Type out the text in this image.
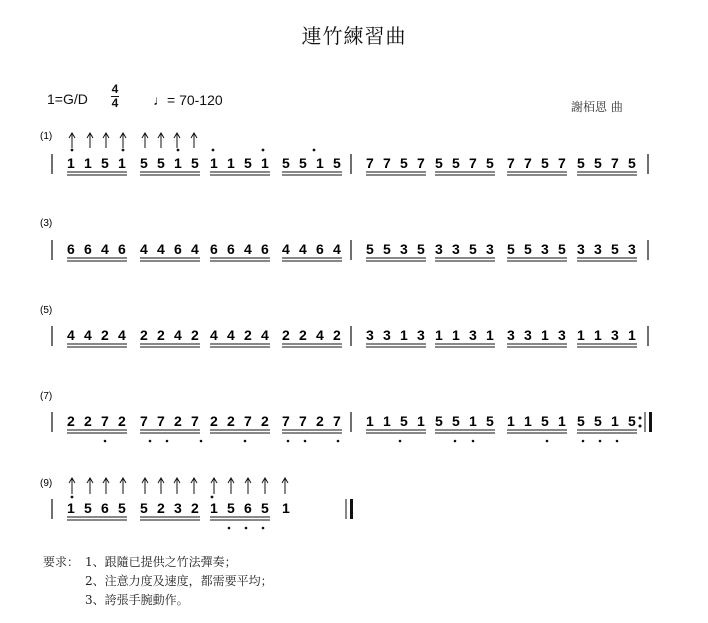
連竹練習曲
1=G/D
4
4 ♩= 70-120	謝栢恩 曲
(1)
1 1 5 1 5 5 1 5 1 1 5 1 5 5 1 5 7 7 5 7 5 5 7 5 7 7 5 7 5 5 7 5
(3)
6 6 4 6 4 4 6 4 6 6 4 6 4 4 6 4 5 5 3 5 3 3 5 3 5 5 3 5 3 3 5 3
(5)
4 4 2 4 2 2 4 2 4 4 2 4 2 2 4 2 3 3 1 3 1 1 3 1 3 3 1 3 1 1 3 1
(7)
2 2 7 2 7 7 2 7 2 2 7 2 7 7 2 7 1 1 5 1 5 5 1 5 1 1 5 1 5 5 1 5
(9)
1 5 6 5 5 2 3 2 1 5 6 5 1
要求： 1、跟隨已提供之竹法彈奏；
2、注意力度及速度，都需要平均；
3、誇張手腕動作。
